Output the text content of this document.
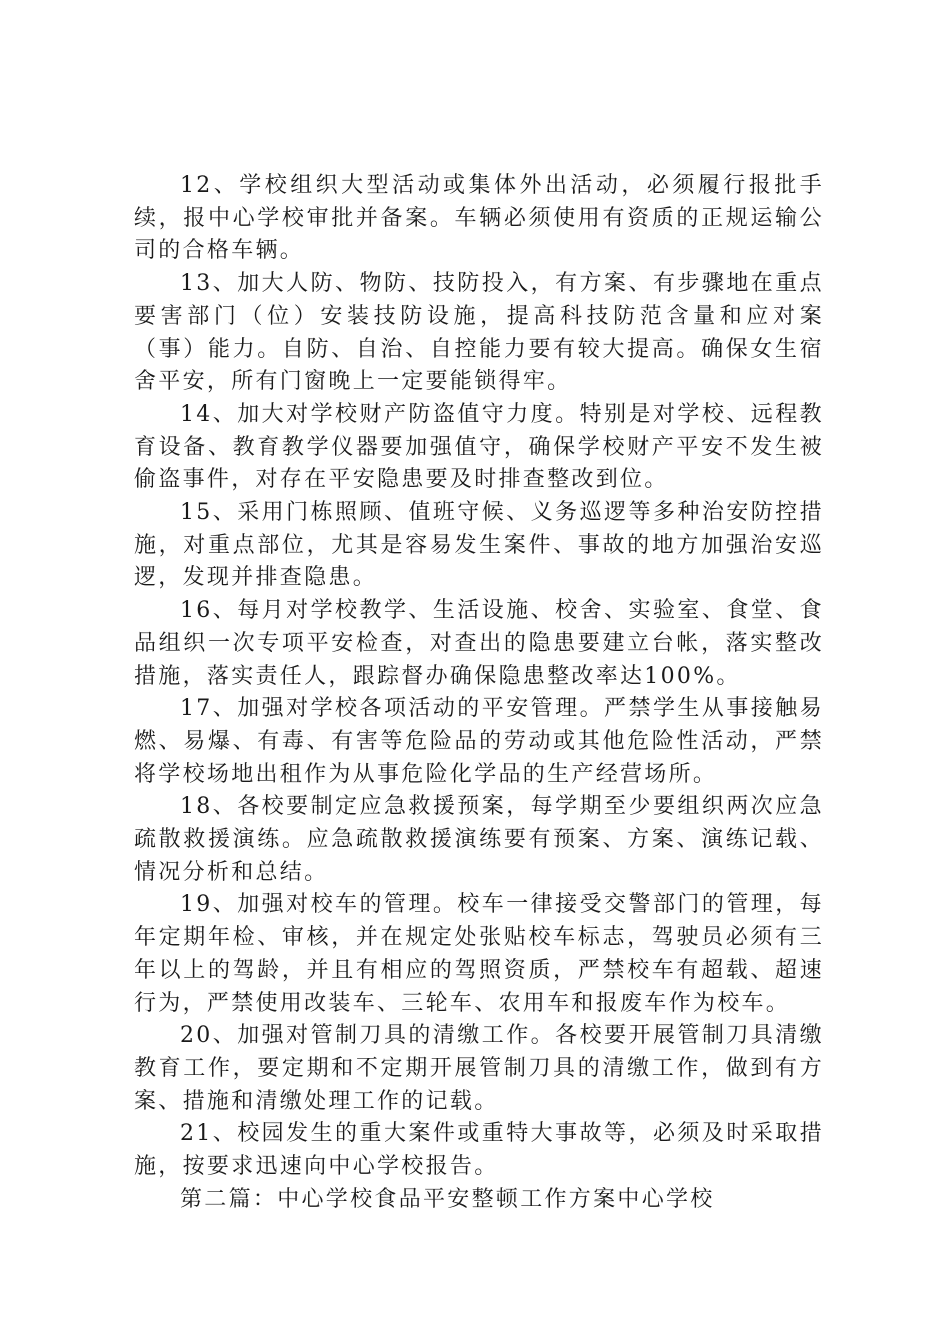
12、学校组织大型活动或集体外出活动，必须履行报批手续，报中心学校审批并备案。车辆必须使用有资质的正规运输公司的合格车辆。

13、加大人防、物防、技防投入，有方案、有步骤地在重点要害部门（位）安装技防设施，提高科技防范含量和应对案（事）能力。自防、自治、自控能力要有较大提高。确保女生宿舍平安，所有门窗晚上一定要能锁得牢。

14、加大对学校财产防盗值守力度。特别是对学校、远程教育设备、教育教学仪器要加强值守，确保学校财产平安不发生被偷盗事件，对存在平安隐患要及时排查整改到位。

15、采用门栋照顾、值班守候、义务巡逻等多种治安防控措施，对重点部位，尤其是容易发生案件、事故的地方加强治安巡逻，发现并排查隐患。

16、每月对学校教学、生活设施、校舍、实验室、食堂、食品组织一次专项平安检查，对查出的隐患要建立台帐，落实整改措施，落实责任人，跟踪督办确保隐患整改率达100%。

17、加强对学校各项活动的平安管理。严禁学生从事接触易燃、易爆、有毒、有害等危险品的劳动或其他危险性活动，严禁将学校场地出租作为从事危险化学品的生产经营场所。

18、各校要制定应急救援预案，每学期至少要组织两次应急疏散救援演练。应急疏散救援演练要有预案、方案、演练记载、情况分析和总结。

19、加强对校车的管理。校车一律接受交警部门的管理，每年定期年检、审核，并在规定处张贴校车标志，驾驶员必须有三年以上的驾龄，并且有相应的驾照资质，严禁校车有超载、超速行为，严禁使用改装车、三轮车、农用车和报废车作为校车。

20、加强对管制刀具的清缴工作。各校要开展管制刀具清缴教育工作，要定期和不定期开展管制刀具的清缴工作，做到有方案、措施和清缴处理工作的记载。

21、校园发生的重大案件或重特大事故等，必须及时采取措施，按要求迅速向中心学校报告。

第二篇：中心学校食品平安整顿工作方案中心学校
